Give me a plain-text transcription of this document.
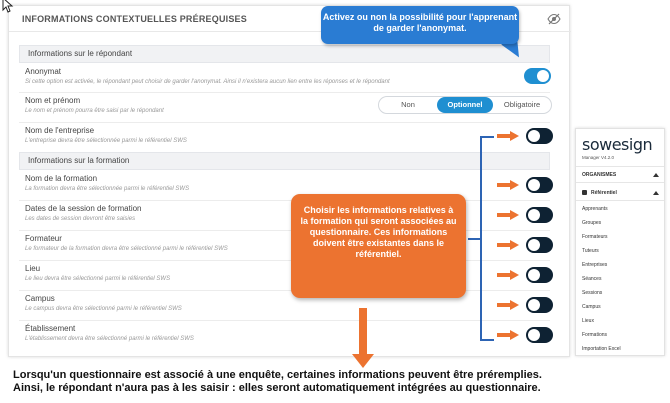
INFORMATIONS CONTEXTUELLES PRÉREQUISES
Informations sur le répondant
Anonymat
Si cette option est activée, le répondant peut choisir de garder l'anonymat. Ainsi il n'existera aucun lien entre les réponses et le répondant
Nom et prénom
Le nom et prénom pourra être saisi par le répondant
Non	Optionnel	Obligatoire
Nom de l'entreprise
L'entreprise devra être sélectionnée parmi le référentiel SWS
Informations sur la formation
Nom de la formation
La formation devra être sélectionnée parmi le référentiel SWS
Dates de la session de formation
Les dates de session devront être saisies
Formateur
Le formateur de la formation devra être sélectionné parmi le référentiel SWS
Lieu
Le lieu devra être sélectionné parmi le référentiel SWS
Campus
Le campus devra être sélectionné parmi le référentiel SWS
Établissement
L'établissement devra être sélectionné parmi le référentiel SWS
Activez ou non la possibilité pour l'apprenant de garder l'anonymat.
Choisir les informations relatives à la formation qui seront associées au questionnaire. Ces informations doivent être existantes dans le référentiel.
sowesign
Manager V4.2.0
ORGANISMES
Référentiel
Apprenants
Groupes
Formateurs
Tuteurs
Entreprises
Séances
Sessions
Campus
Lieux
Formations
Importation Excel
Lorsqu'un questionnaire est associé à une enquête, certaines informations peuvent être préremplies.
Ainsi, le répondant n'aura pas à les saisir : elles seront automatiquement intégrées au questionnaire.
